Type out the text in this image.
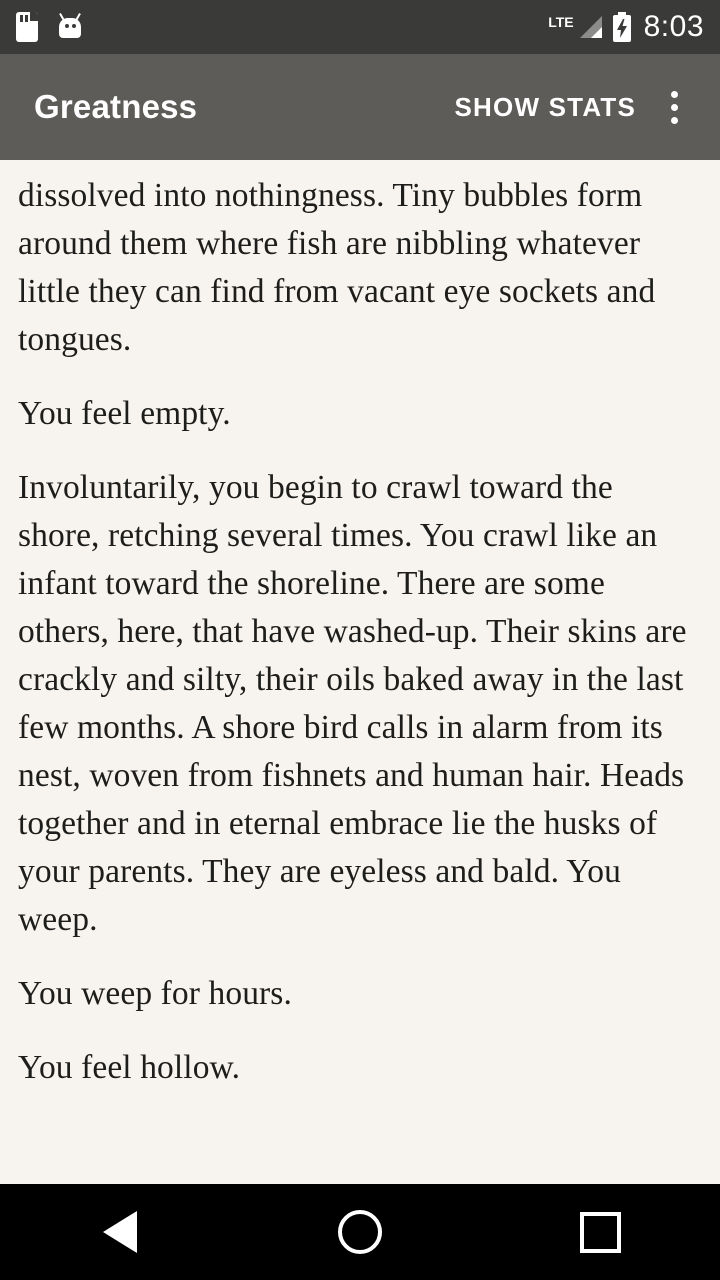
LTE 8:03
Greatness	SHOW STATS

dissolved into nothingness. Tiny bubbles form around them where fish are nibbling whatever little they can find from vacant eye sockets and tongues.

You feel empty.

Involuntarily, you begin to crawl toward the shore, retching several times. You crawl like an infant toward the shoreline. There are some others, here, that have washed-up. Their skins are crackly and silty, their oils baked away in the last few months. A shore bird calls in alarm from its nest, woven from fishnets and human hair. Heads together and in eternal embrace lie the husks of your parents. They are eyeless and bald. You weep.

You weep for hours.

You feel hollow.
